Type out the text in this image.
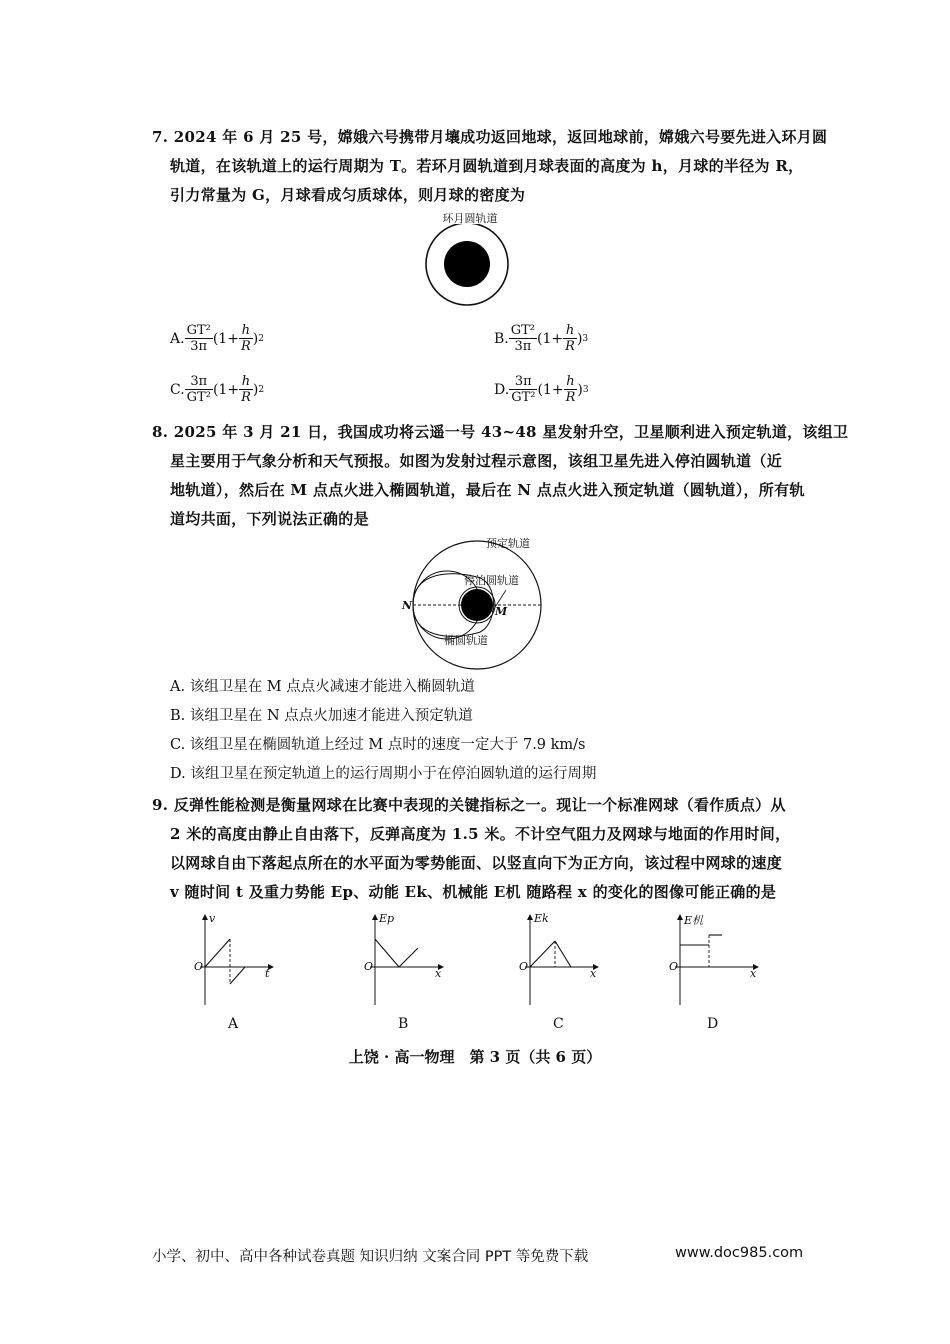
7. 2024 年 6 月 25 号，嫦娥六号携带月壤成功返回地球，返回地球前，嫦娥六号要先进入环月圆
轨道，在该轨道上的运行周期为 T。若环月圆轨道到月球表面的高度为 h，月球的半径为 R，
引力常量为 G，月球看成匀质球体，则月球的密度为
环月圆轨道
A. $\frac{\text{GT²}}{3\pi} (1+ \frac{h}{R}$ ) 2	B. $\frac{\text{GT²}}{3\pi} (1+ \frac{h}{R}$ ) 3
C. $\frac{3\pi}{\text{GT²}} (1+ \frac{h}{R}$ ) 2	D. $\frac{3\pi}{\text{GT²}} (1+ \frac{h}{R}$ ) 3
8. 2025 年 3 月 21 日，我国成功将云遥一号 43~48 星发射升空，卫星顺利进入预定轨道，该组卫
星主要用于气象分析和天气预报。如图为发射过程示意图，该组卫星先进入停泊圆轨道（近
地轨道），然后在 M 点点火进入椭圆轨道，最后在 N 点点火进入预定轨道（圆轨道），所有轨
道均共面，下列说法正确的是
预定轨道
停泊圆轨道
椭圆轨道
N	M
A. 该组卫星在 M 点点火减速才能进入椭圆轨道
B. 该组卫星在 N 点点火加速才能进入预定轨道
C. 该组卫星在椭圆轨道上经过 M 点时的速度一定大于 7.9 km/s
D. 该组卫星在预定轨道上的运行周期小于在停泊圆轨道的运行周期
9. 反弹性能检测是衡量网球在比赛中表现的关键指标之一。现让一个标准网球（看作质点）从
2 米的高度由静止自由落下，反弹高度为 1.5 米。不计空气阻力及网球与地面的作用时间，
以网球自由下落起点所在的水平面为零势能面、以竖直向下为正方向，该过程中网球的速度
v 随时间 t 及重力势能 Ep、动能 Ek、机械能 E机 随路程 x 的变化的图像可能正确的是
v
O
t
A
Ep
O
x
B
Ek
O
x
C
E机
O
x
D
上饶 · 高一物理　第 3 页（共 6 页）
小学、初中、高中各种试卷真题 知识归纳 文案合同 PPT 等免费下载	www.doc985.com
